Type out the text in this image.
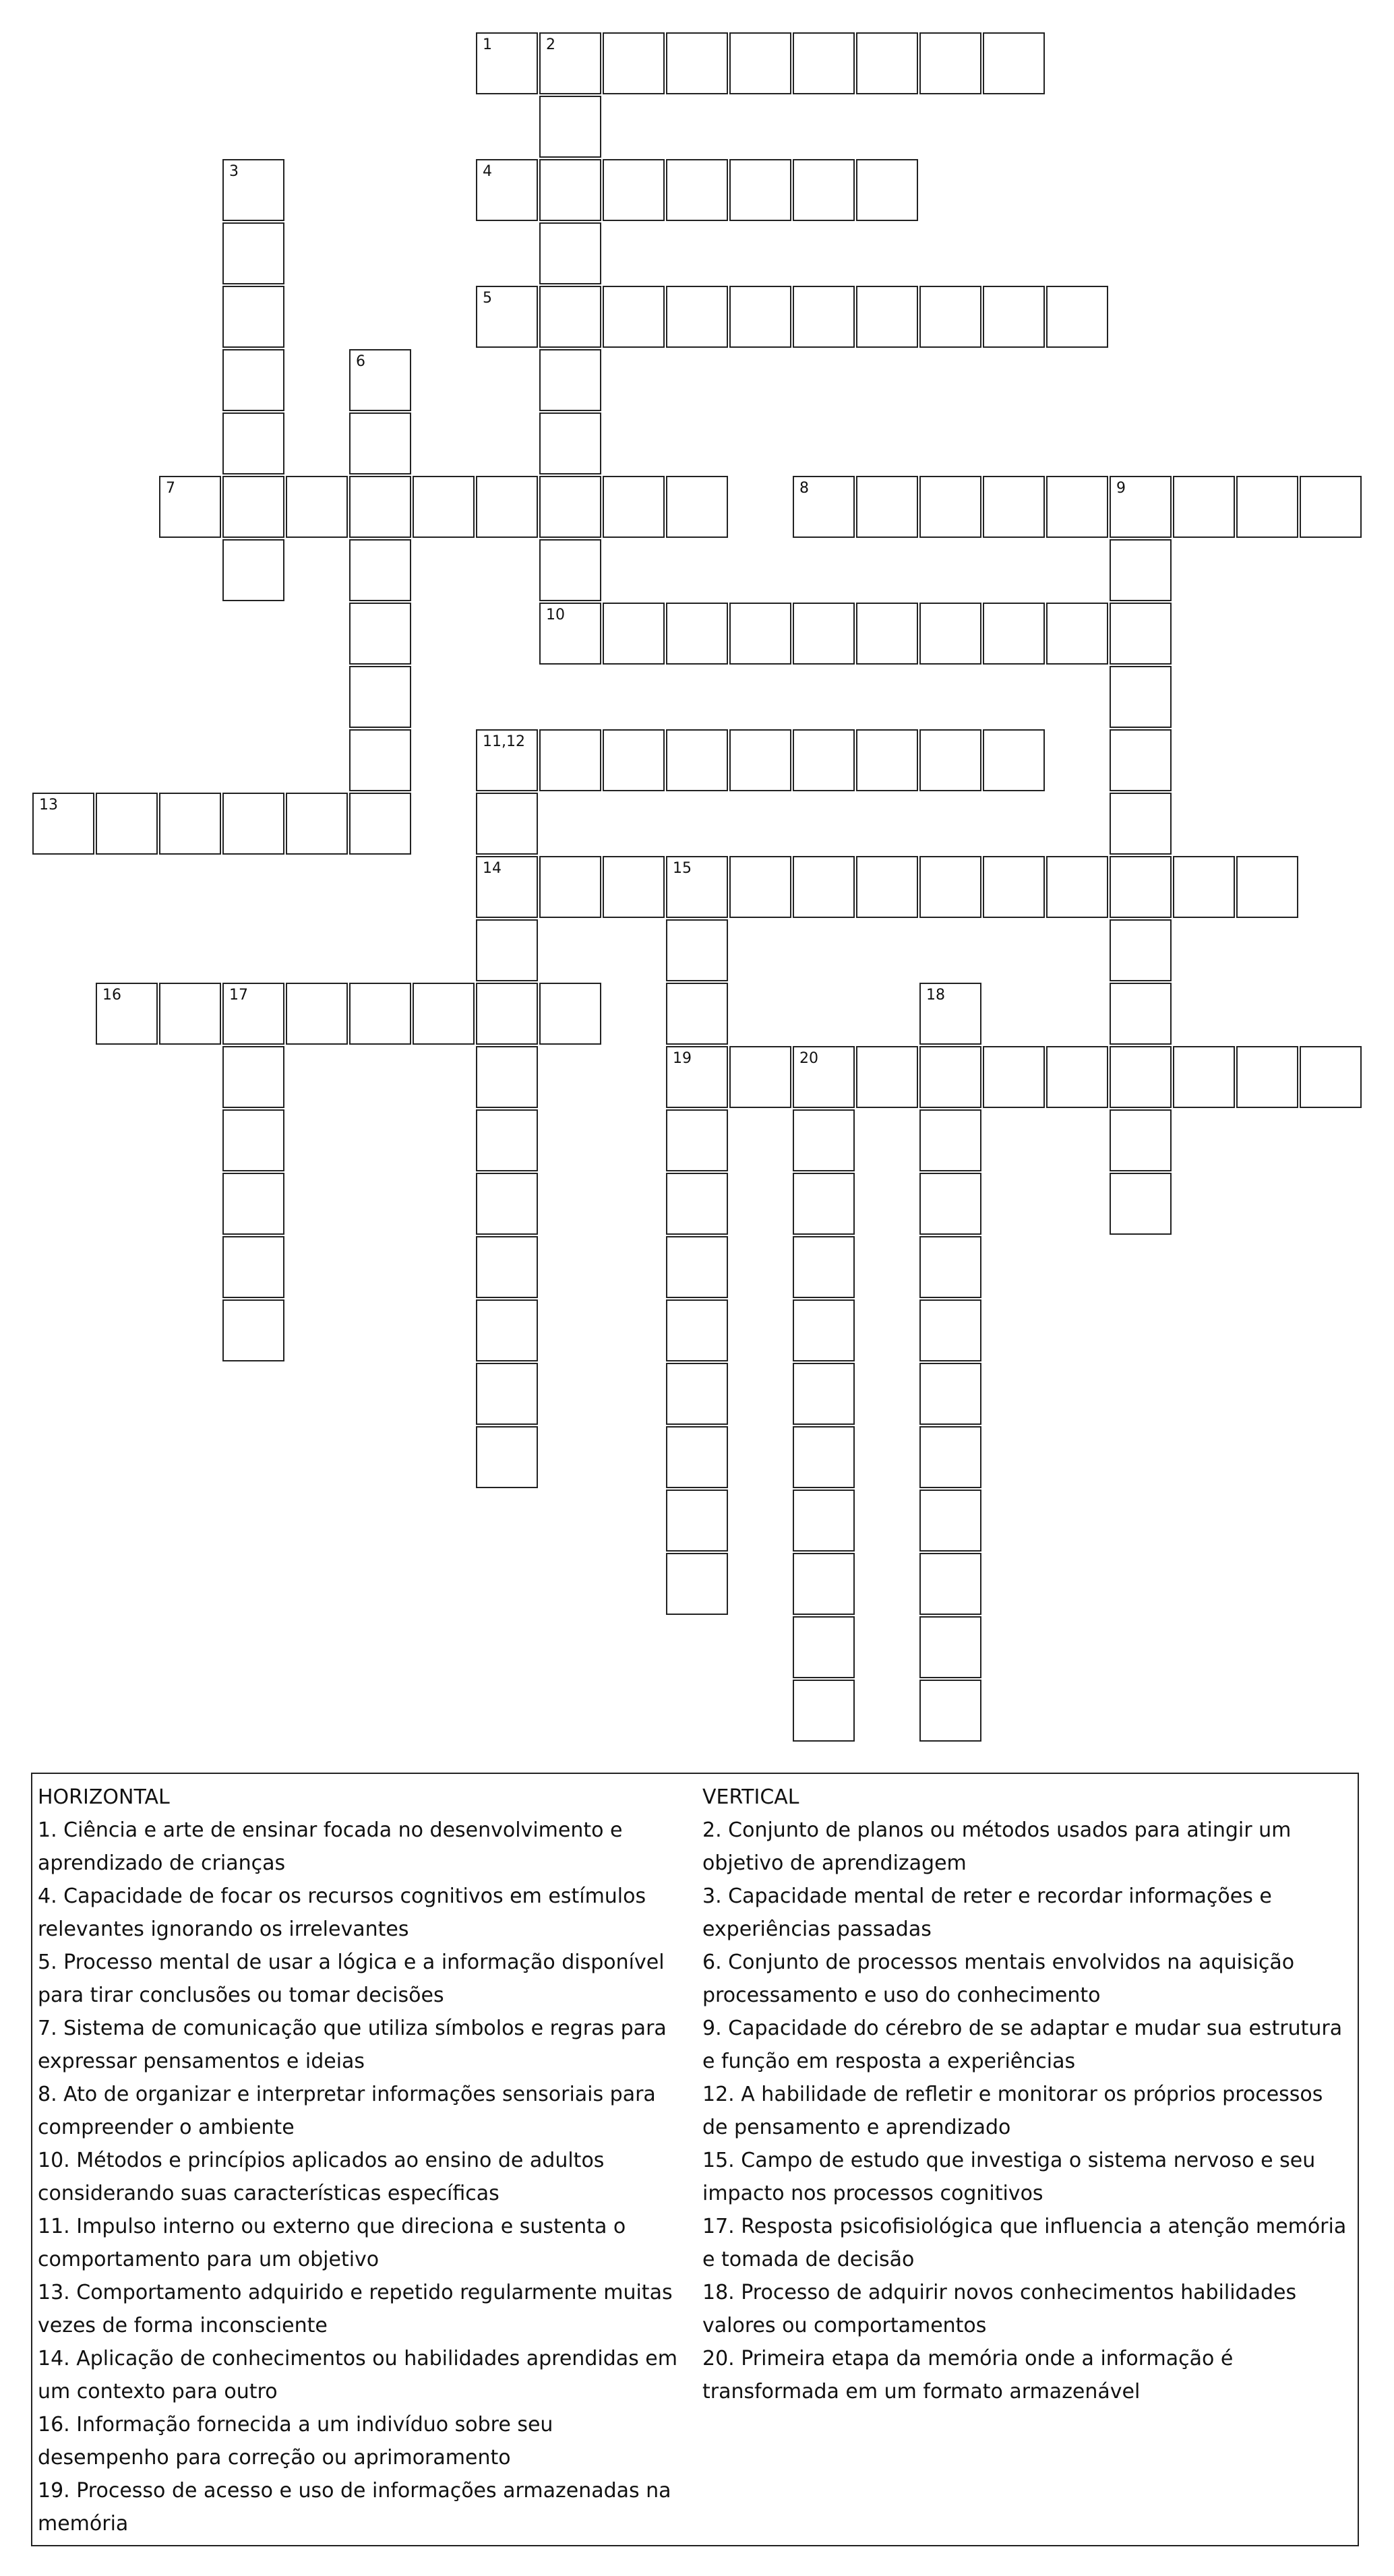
1	2
3	4
5
6
7	8	9
10
11,12
14
13
15
19
16	17	18
20

HORIZONTAL

1. Ciência e arte de ensinar focada no desenvolvimento e aprendizado de crianças

4. Capacidade de focar os recursos cognitivos em estímulos relevantes ignorando os irrelevantes

5. Processo mental de usar a lógica e a informação disponível para tirar conclusões ou tomar decisões

7. Sistema de comunicação que utiliza símbolos e regras para expressar pensamentos e ideias

8. Ato de organizar e interpretar informações sensoriais para compreender o ambiente

10. Métodos e princípios aplicados ao ensino de adultos considerando suas características específicas

11. Impulso interno ou externo que direciona e sustenta o comportamento para um objetivo

13. Comportamento adquirido e repetido regularmente muitas vezes de forma inconsciente

14. Aplicação de conhecimentos ou habilidades aprendidas em um contexto para outro

16. Informação fornecida a um indivíduo sobre seu desempenho para correção ou aprimoramento

19. Processo de acesso e uso de informações armazenadas na memória

VERTICAL

2. Conjunto de planos ou métodos usados para atingir um objetivo de aprendizagem

3. Capacidade mental de reter e recordar informações e experiências passadas

6. Conjunto de processos mentais envolvidos na aquisição processamento e uso do conhecimento

9. Capacidade do cérebro de se adaptar e mudar sua estrutura e função em resposta a experiências

12. A habilidade de refletir e monitorar os próprios processos de pensamento e aprendizado

15. Campo de estudo que investiga o sistema nervoso e seu impacto nos processos cognitivos

17. Resposta psicofisiológica que influencia a atenção memória e tomada de decisão

18. Processo de adquirir novos conhecimentos habilidades valores ou comportamentos

20. Primeira etapa da memória onde a informação é transformada em um formato armazenável
